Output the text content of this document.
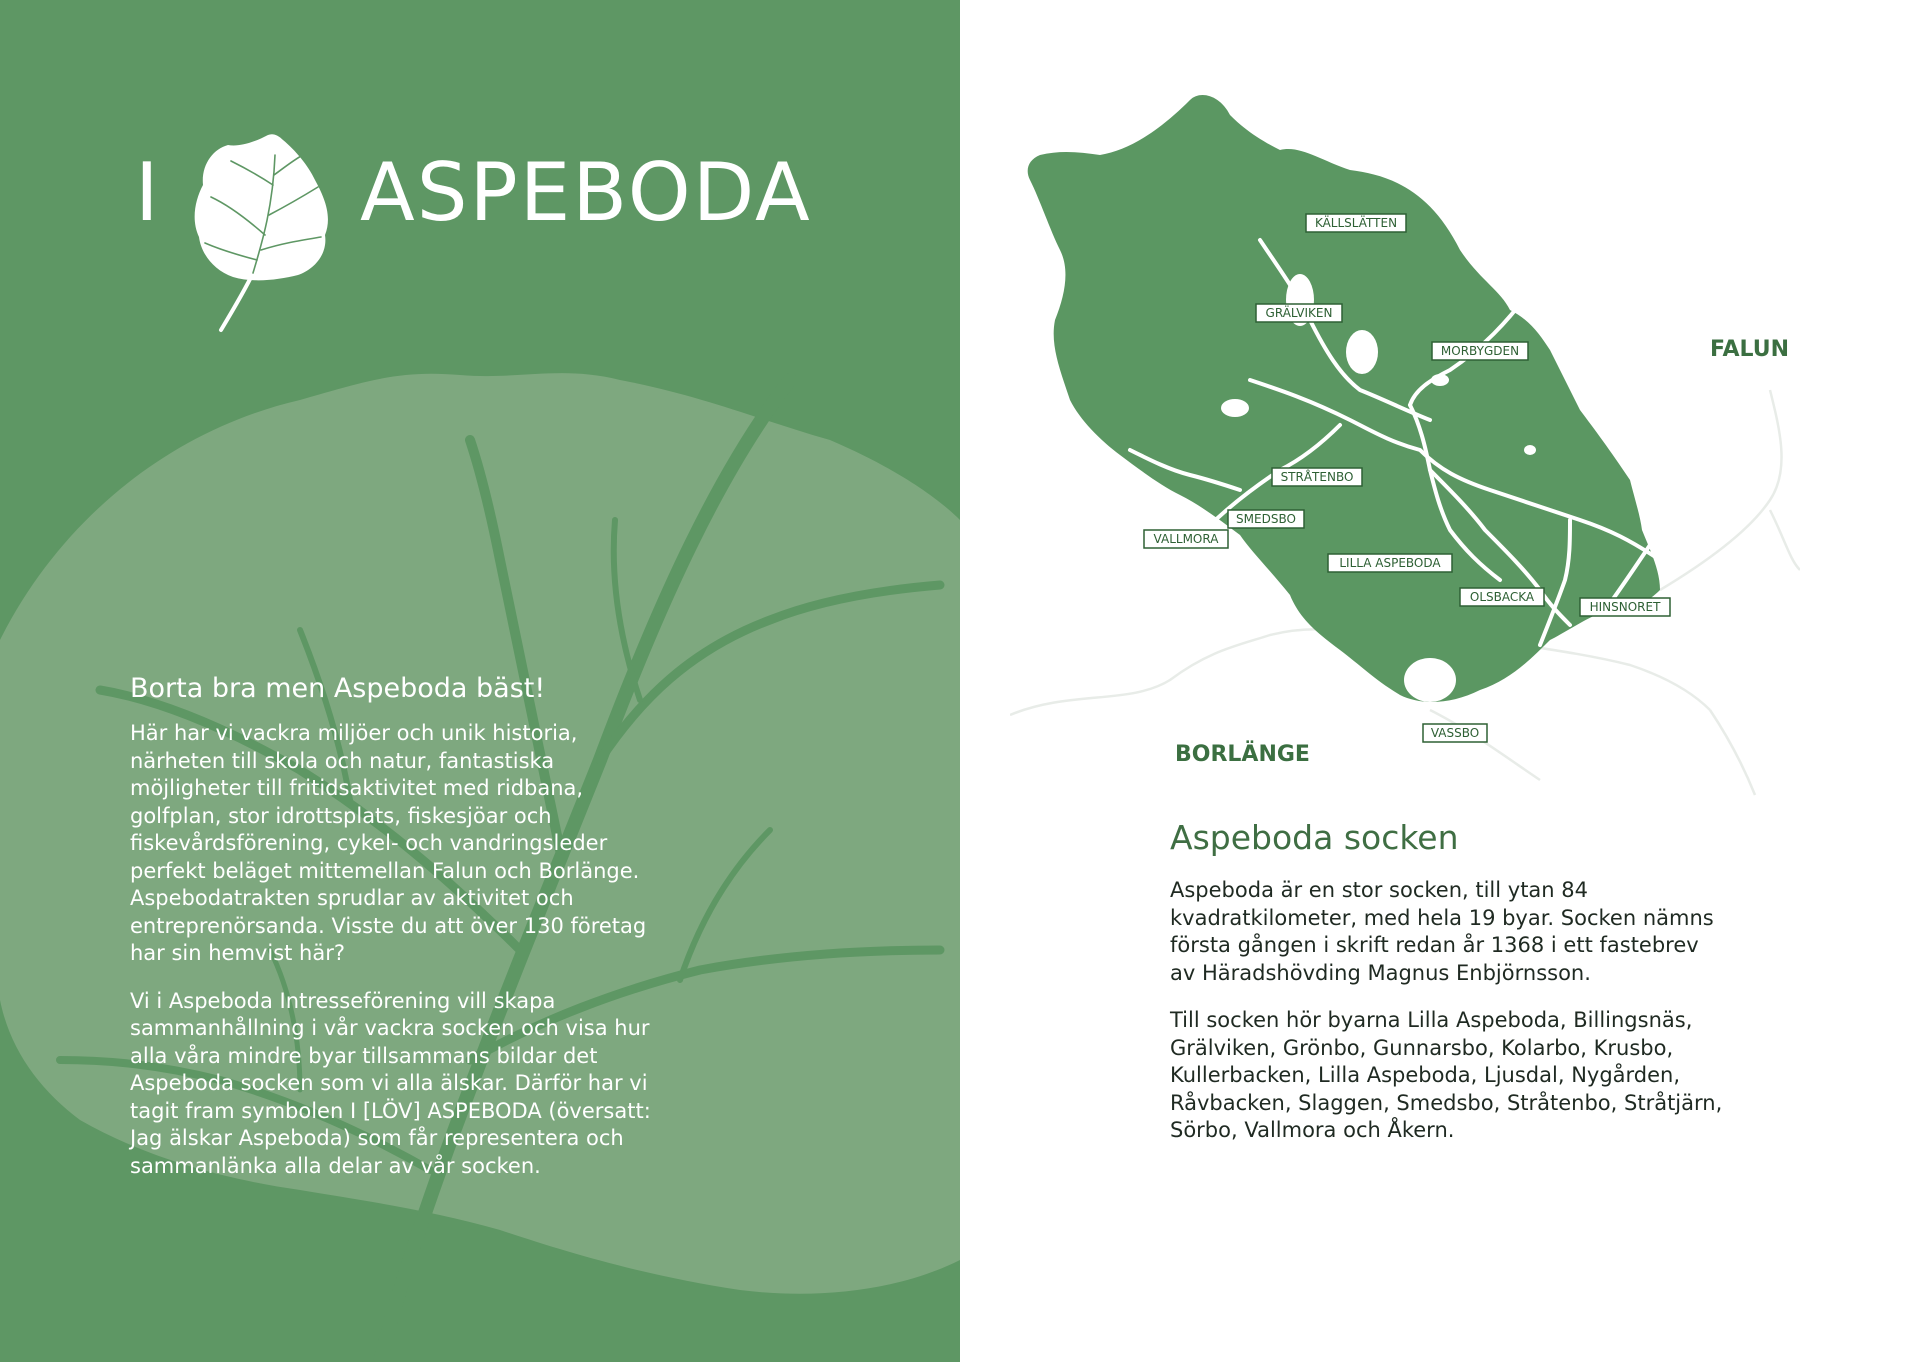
I	ASPEBODA
Borta bra men Aspeboda bäst!

Här har vi vackra miljöer och unik historia, närheten till skola och natur, fantastiska möjligheter till fritidsaktivitet med ridbana, golfplan, stor idrottsplats, fiskesjöar och fiskevårdsförening, cykel- och vandringsleder perfekt beläget mittemellan Falun och Borlänge. Aspebodatrakten sprudlar av aktivitet och entreprenörsanda. Visste du att över 130 företag har sin hemvist här?

Vi i Aspeboda Intresseförening vill skapa sammanhållning i vår vackra socken och visa hur alla våra mindre byar tillsammans bildar det Aspeboda socken som vi alla älskar. Därför har vi tagit fram symbolen I [LÖV] ASPEBODA (översatt: Jag älskar Aspeboda) som får representera och sammanlänka alla delar av vår socken.

KÄLLSLÄTTEN
GRÄLVIKEN
MORBYGDEN
STRÅTENBO
SMEDSBO
VALLMORA
LILLA ASPEBODA
OLSBACKA
HINSNORET
VASSBO
FALUN
BORLÄNGE
Aspeboda socken

Aspeboda är en stor socken, till ytan 84 kvadratkilometer, med hela 19 byar. Socken nämns första gången i skrift redan år 1368 i ett fastebrev av Häradshövding Magnus Enbjörnsson.

Till socken hör byarna Lilla Aspeboda, Billingsnäs, Grälviken, Grönbo, Gunnarsbo, Kolarbo, Krusbo, Kullerbacken, Lilla Aspeboda, Ljusdal, Nygården, Råvbacken, Slaggen, Smedsbo, Stråtenbo, Stråtjärn, Sörbo, Vallmora och Åkern.
